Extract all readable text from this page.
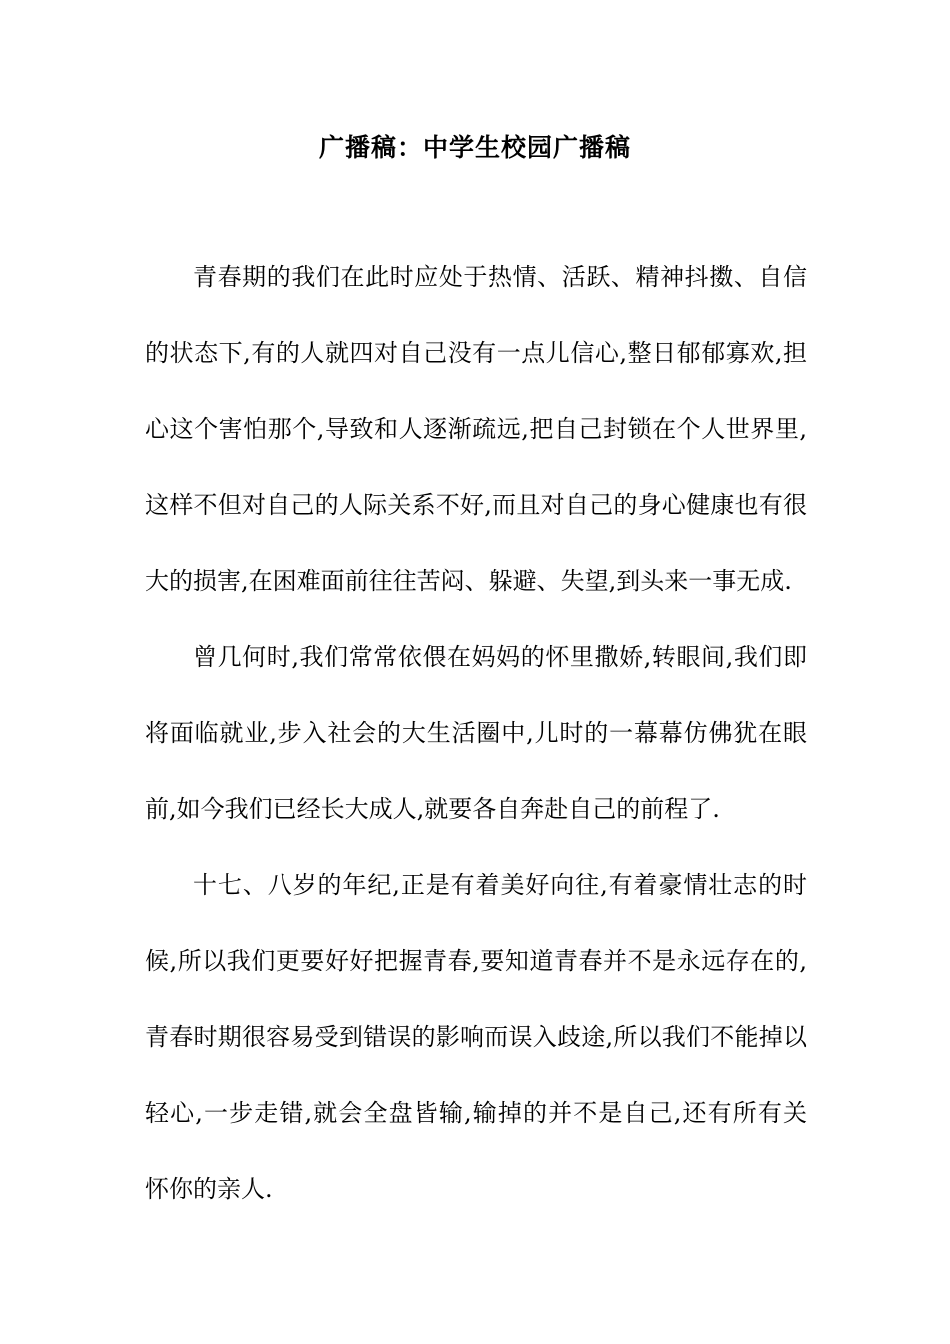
广播稿：中学生校园广播稿
青春期的我们在此时应处于热情、活跃、精神抖擞、自信
的状态下,有的人就四对自己没有一点儿信心,整日郁郁寡欢,担
心这个害怕那个,导致和人逐渐疏远,把自己封锁在个人世界里,
这样不但对自己的人际关系不好,而且对自己的身心健康也有很
大的损害,在困难面前往往苦闷、躲避、失望,到头来一事无成.
曾几何时,我们常常依偎在妈妈的怀里撒娇,转眼间,我们即
将面临就业,步入社会的大生活圈中,儿时的一幕幕仿佛犹在眼
前,如今我们已经长大成人,就要各自奔赴自己的前程了.
十七、八岁的年纪,正是有着美好向往,有着豪情壮志的时
候,所以我们更要好好把握青春,要知道青春并不是永远存在的,
青春时期很容易受到错误的影响而误入歧途,所以我们不能掉以
轻心,一步走错,就会全盘皆输,输掉的并不是自己,还有所有关
怀你的亲人.
